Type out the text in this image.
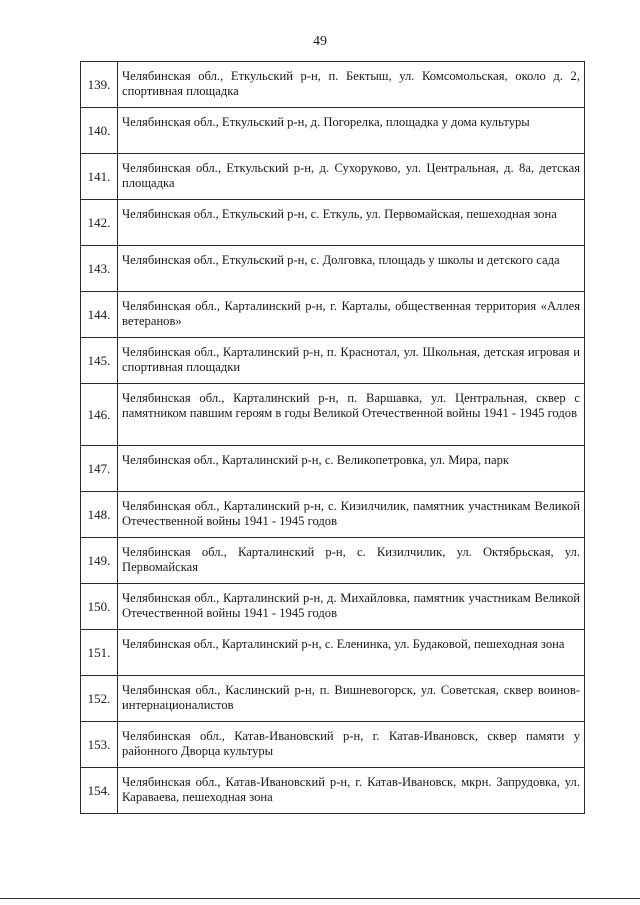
49
139.	Челябинская обл., Еткульский р-н, п. Бектыш, ул. Комсомольская, около д. 2, спортивная площадка
140.	Челябинская обл., Еткульский р-н, д. Погорелка, площадка у дома культуры
141.	Челябинская обл., Еткульский р-н, д. Сухоруково, ул. Центральная, д. 8а, детская площадка
142.	Челябинская обл., Еткульский р-н, с. Еткуль, ул. Первомайская, пешеходная зона
143.	Челябинская обл., Еткульский р-н, с. Долговка, площадь у школы и детского сада
144.	Челябинская обл., Карталинский р-н, г. Карталы, общественная территория «Аллея ветеранов»
145.	Челябинская обл., Карталинский р-н, п. Краснотал, ул. Школьная, детская игровая и спортивная площадки
146.	Челябинская обл., Карталинский р-н, п. Варшавка, ул. Центральная, сквер с памятником павшим героям в годы Великой Отечественной войны 1941 - 1945 годов
147.	Челябинская обл., Карталинский р-н, с. Великопетровка, ул. Мира, парк
148.	Челябинская обл., Карталинский р-н, с. Кизилчилик, памятник участникам Великой Отечественной войны 1941 - 1945 годов
149.	Челябинская обл., Карталинский р-н, с. Кизилчилик, ул. Октябрьская, ул. Первомайская
150.	Челябинская обл., Карталинский р-н, д. Михайловка, памятник участникам Великой Отечественной войны 1941 - 1945 годов
151.	Челябинская обл., Карталинский р-н, с. Еленинка, ул. Будаковой, пешеходная зона
152.	Челябинская обл., Каслинский р-н, п. Вишневогорск, ул. Советская, сквер воинов-интернационалистов
153.	Челябинская обл., Катав-Ивановский р-н, г. Катав-Ивановск, сквер памяти у районного Дворца культуры
154.	Челябинская обл., Катав-Ивановский р-н, г. Катав-Ивановск, мкрн. Запрудовка, ул. Караваева, пешеходная зона
